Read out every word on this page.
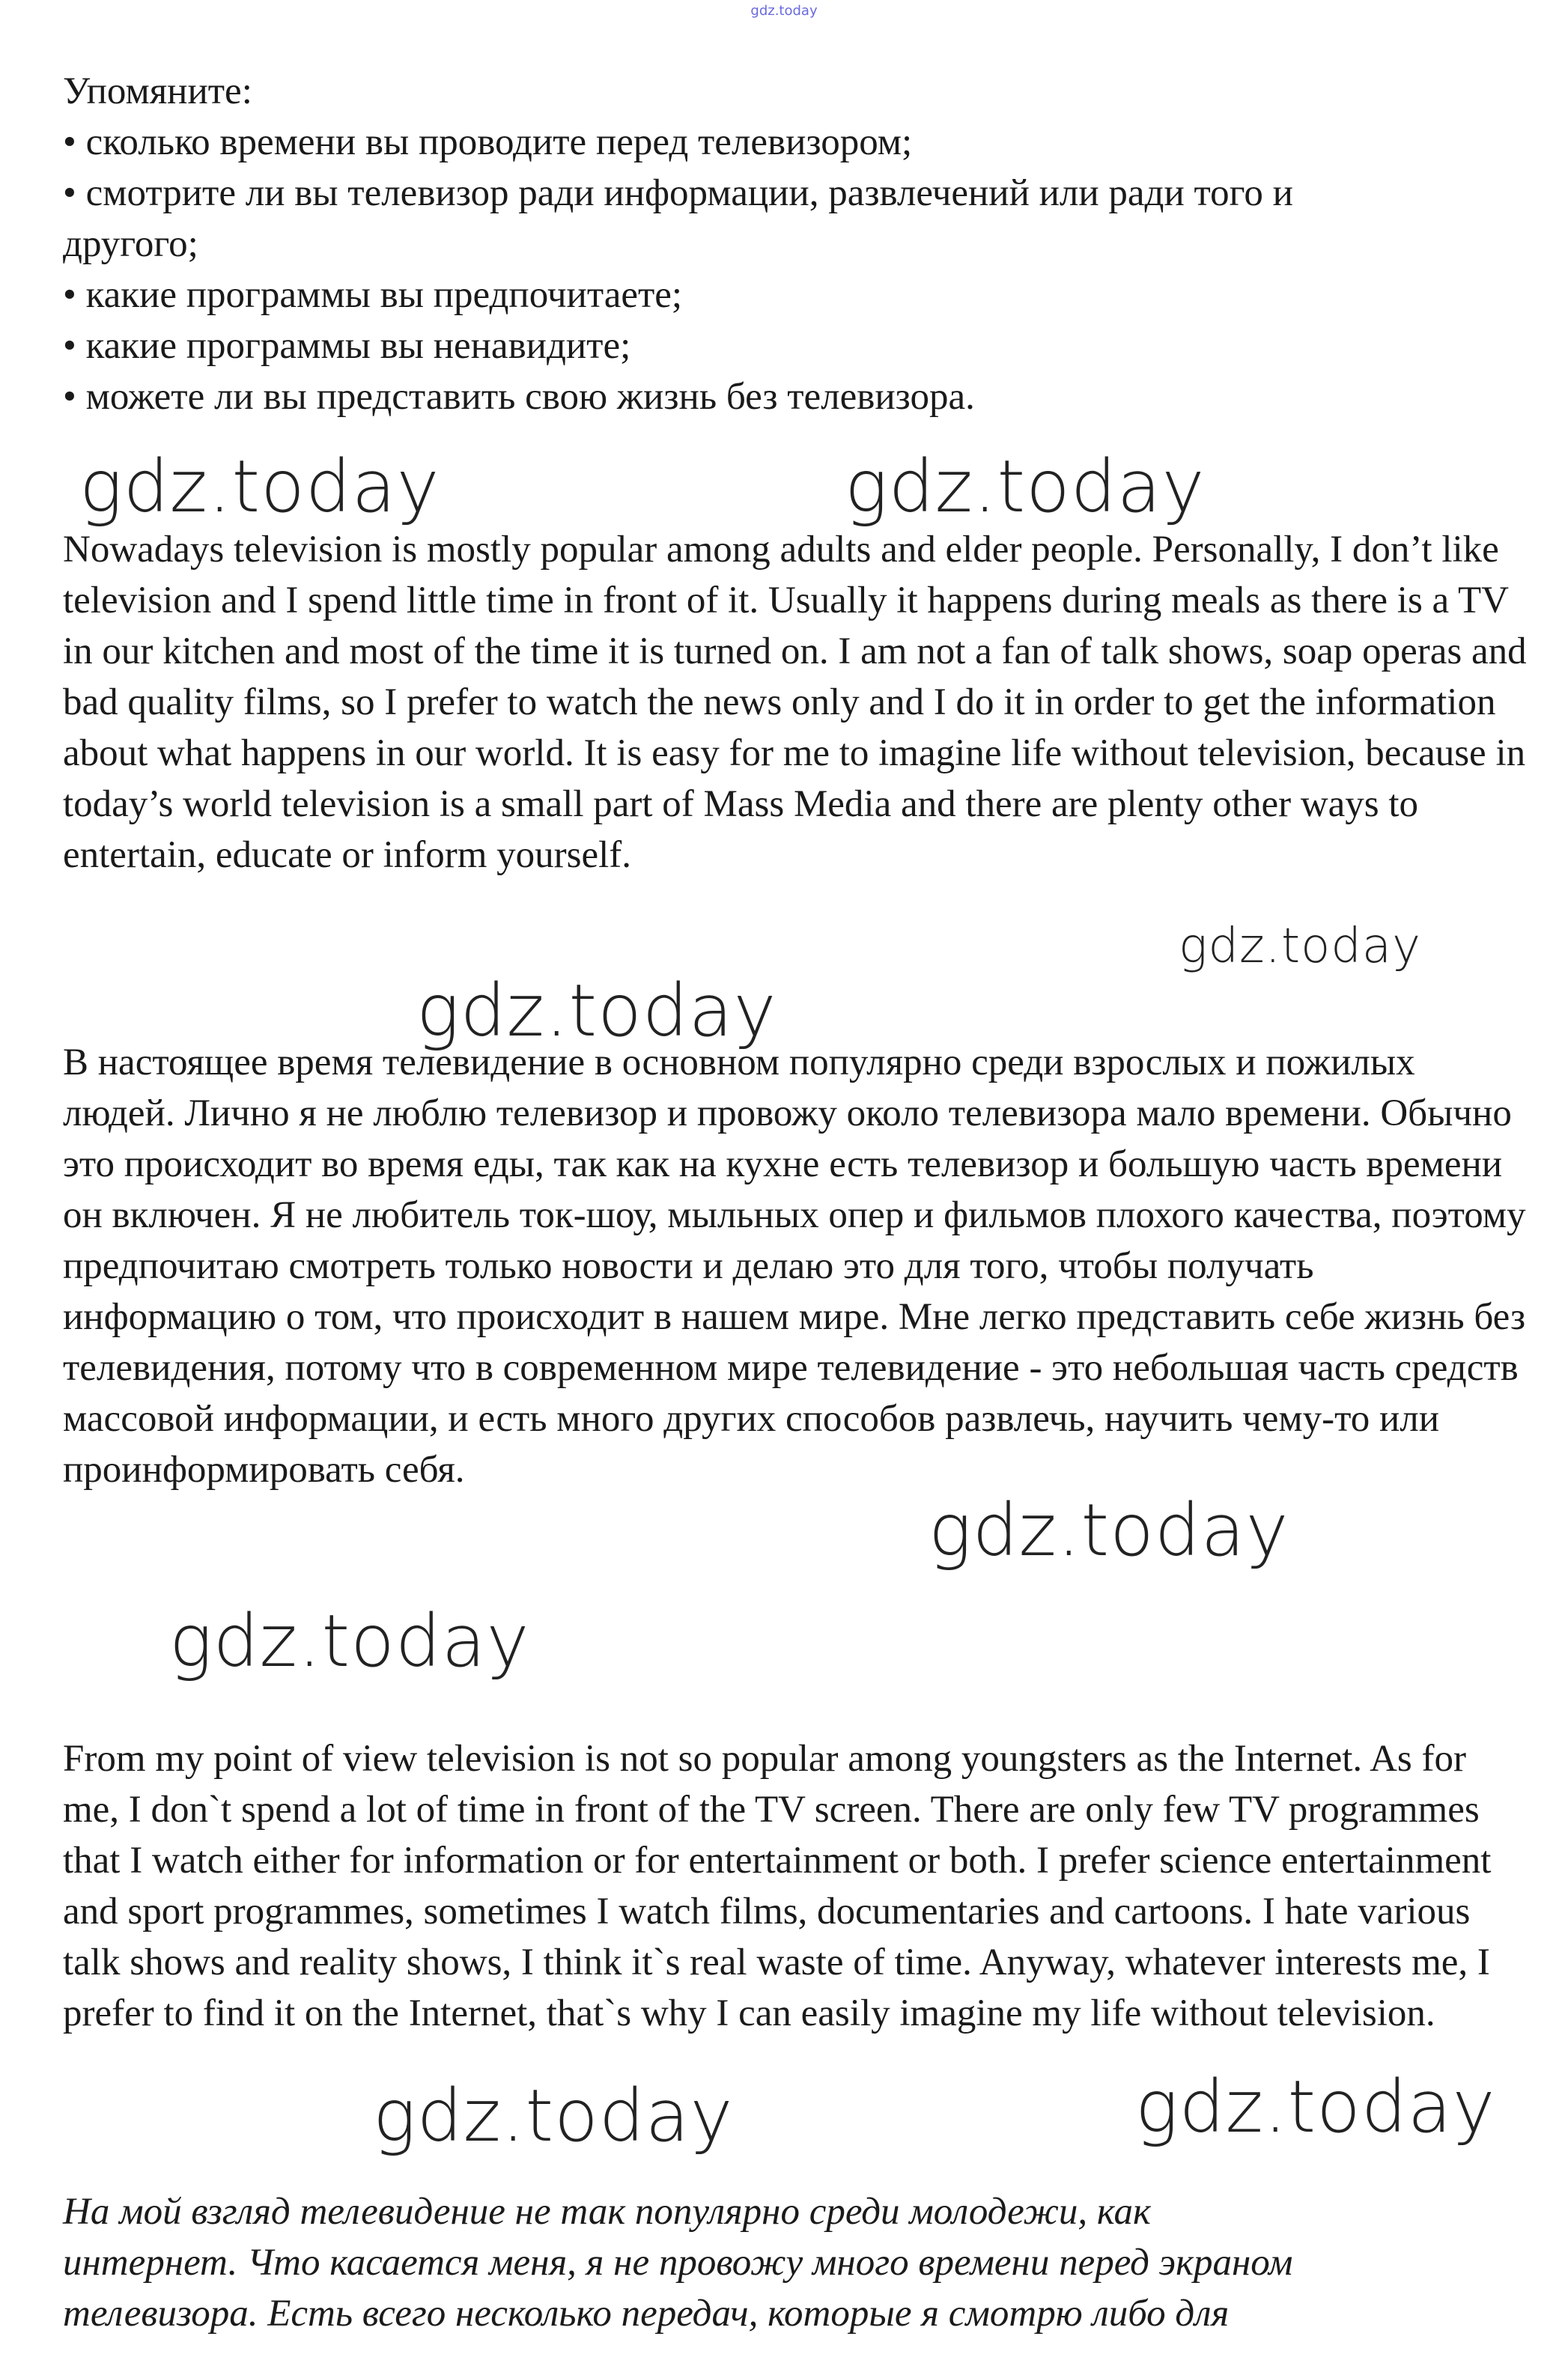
gdz.today
Упомяните:
• сколько времени вы проводите перед телевизором;
• смотрите ли вы телевизор ради информации, развлечений или ради того и
другого;
• какие программы вы предпочитаете;
• какие программы вы ненавидите;
• можете ли вы представить свою жизнь без телевизора.

Nowadays television is mostly popular among adults and elder people. Personally, I don’t like television and I spend little time in front of it. Usually it happens during meals as there is a TV in our kitchen and most of the time it is turned on. I am not a fan of talk shows, soap operas and bad quality films, so I prefer to watch the news only and I do it in order to get the information about what happens in our world. It is easy for me to imagine life without television, because in today’s world television is a small part of Mass Media and there are plenty other ways to entertain, educate or inform yourself.

В настоящее время телевидение в основном популярно среди взрослых и пожилых людей. Лично я не люблю телевизор и провожу около телевизора мало времени. Обычно это происходит во время еды, так как на кухне есть телевизор и большую часть времени он включен. Я не любитель ток-шоу, мыльных опер и фильмов плохого качества, поэтому предпочитаю смотреть только новости и делаю это для того, чтобы получать информацию о том, что происходит в нашем мире. Мне легко представить себе жизнь без телевидения, потому что в современном мире телевидение - это небольшая часть средств массовой информации, и есть много других способов развлечь, научить чему-то или проинформировать себя.

From my point of view television is not so popular among youngsters as the Internet. As for me, I don`t spend a lot of time in front of the TV screen. There are only few TV programmes that I watch either for information or for entertainment or both. I prefer science entertainment and sport programmes, sometimes I watch films, documentaries and cartoons. I hate various talk shows and reality shows, I think it`s real waste of time. Anyway, whatever interests me, I prefer to find it on the Internet, that`s why I can easily imagine my life without television.

На мой взгляд телевидение не так популярно среди молодежи, как
интернет. Что касается меня, я не провожу много времени перед экраном
телевизора. Есть всего несколько передач, которые я смотрю либо для
gdz.today	gdz.today
gdz.today
gdz.today
gdz.today
gdz.today
gdz.today	gdz.today
